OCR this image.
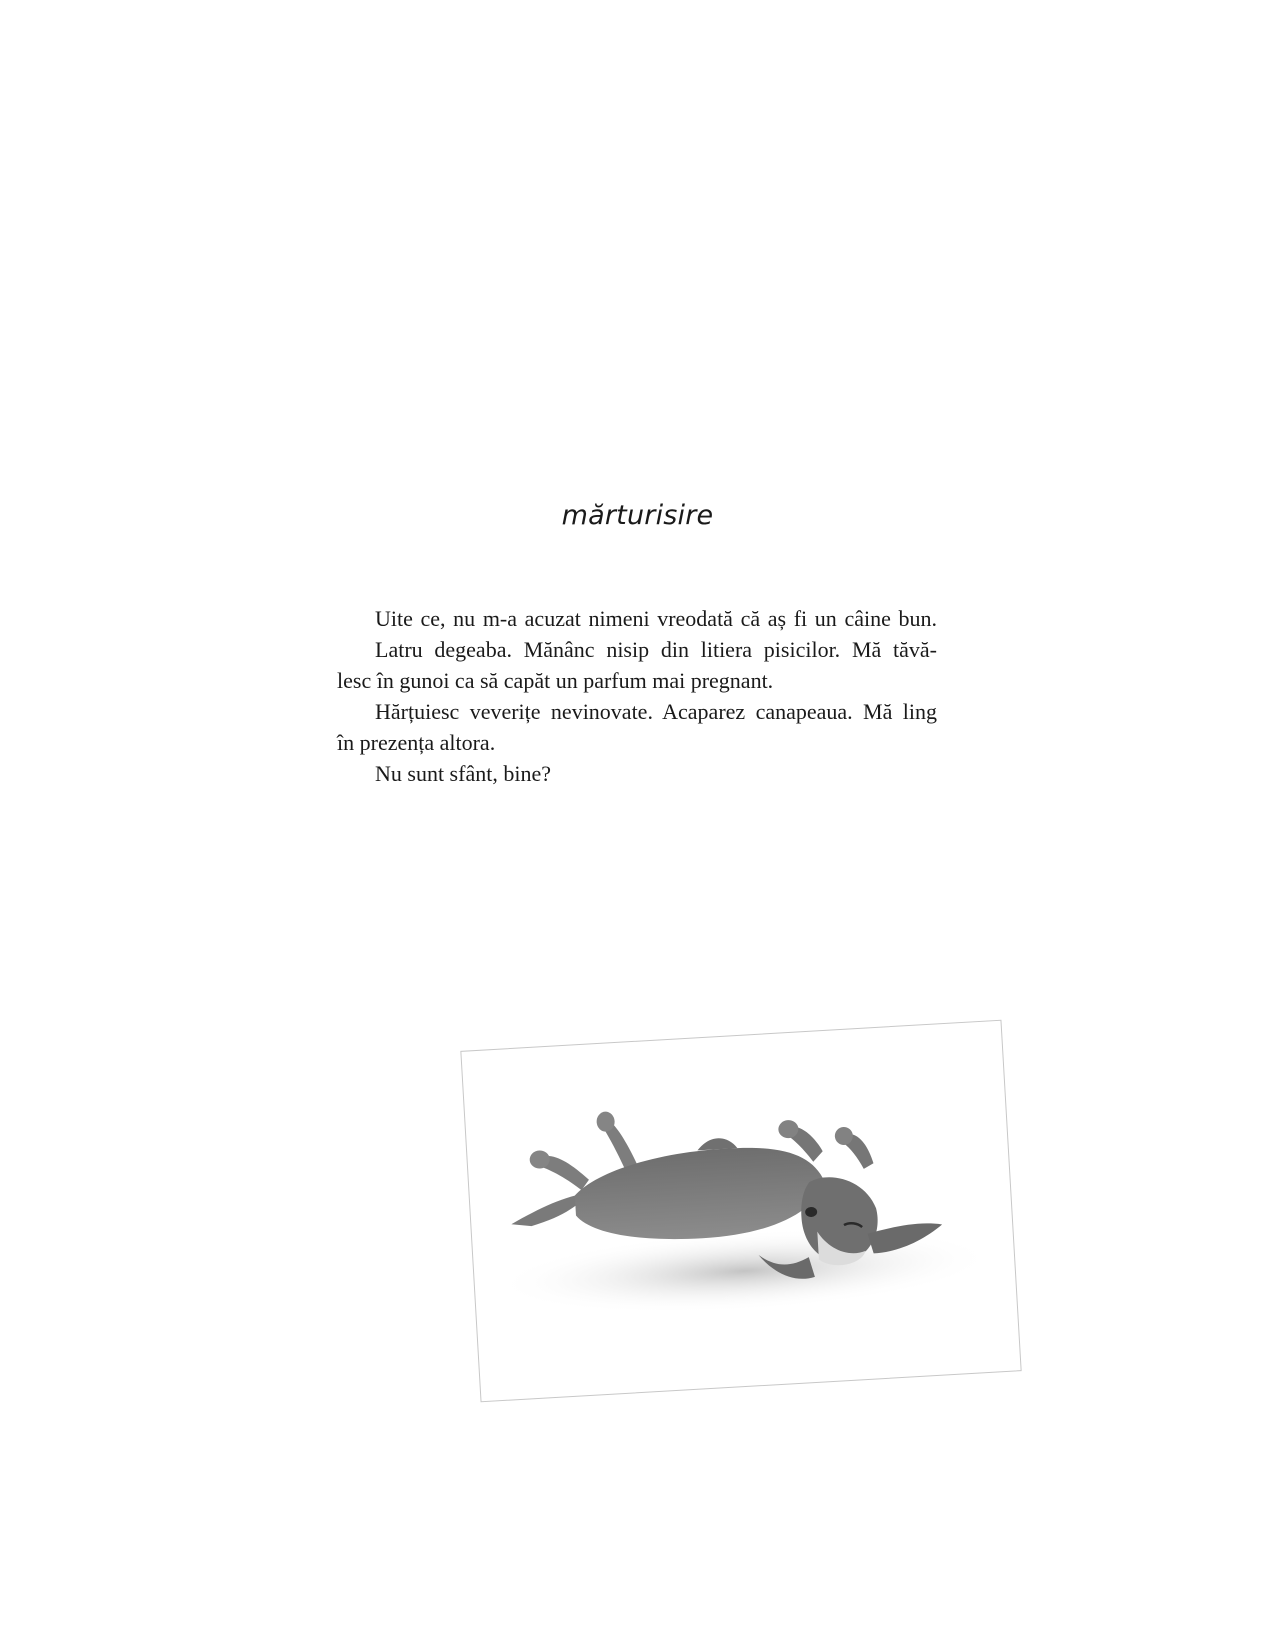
mărturisire
Uite ce, nu m-a acuzat nimeni vreodată că aș fi un câine bun.
Latru degeaba. Mănânc nisip din litiera pisicilor. Mă tăvă-
lesc în gunoi ca să capăt un parfum mai pregnant.
Hărțuiesc veverițe nevinovate. Acaparez canapeaua. Mă ling
în prezența altora.
Nu sunt sfânt, bine?
